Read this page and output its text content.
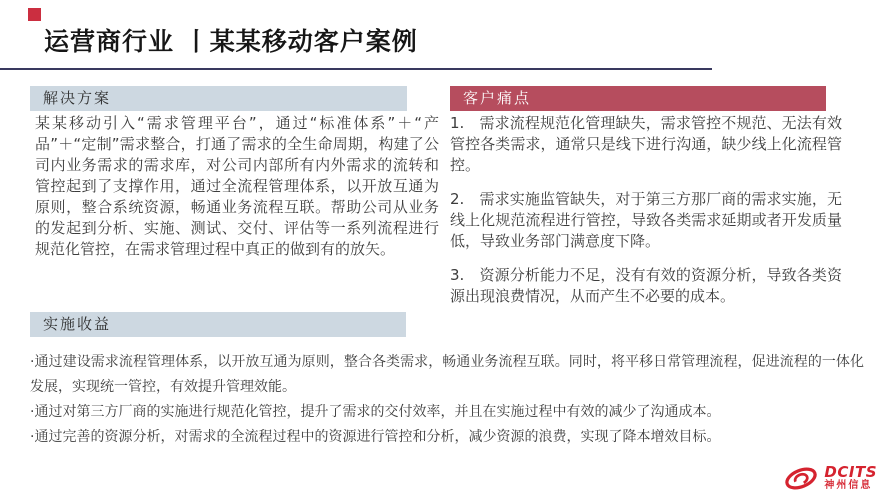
运营商行业 丨某某移动客户案例
解决方案
某某移动引入“需求管理平台”，通过“标准体系”＋“产品”＋“定制”需求整合，打通了需求的全生命周期，构建了公司内业务需求的需求库，对公司内部所有内外需求的流转和管控起到了支撑作用，通过全流程管理体系，以开放互通为原则，整合系统资源，畅通业务流程互联。帮助公司从业务的发起到分析、实施、测试、交付、评估等一系列流程进行规范化管控，在需求管理过程中真正的做到有的放矢。
客户痛点
1.　需求流程规范化管理缺失，需求管控不规范、无法有效管控各类需求，通常只是线下进行沟通，缺少线上化流程管控。
2.　需求实施监管缺失，对于第三方那厂商的需求实施，无线上化规范流程进行管控，导致各类需求延期或者开发质量低，导致业务部门满意度下降。
3.　资源分析能力不足，没有有效的资源分析，导致各类资源出现浪费情况，从而产生不必要的成本。
实施收益
·通过建设需求流程管理体系，以开放互通为原则，整合各类需求，畅通业务流程互联。同时，将平移日常管理流程，促进流程的一体化发展，实现统一管控，有效提升管理效能。
·通过对第三方厂商的实施进行规范化管控，提升了需求的交付效率，并且在实施过程中有效的减少了沟通成本。
·通过完善的资源分析，对需求的全流程过程中的资源进行管控和分析，减少资源的浪费，实现了降本增效目标。
DCITS
神州信息
